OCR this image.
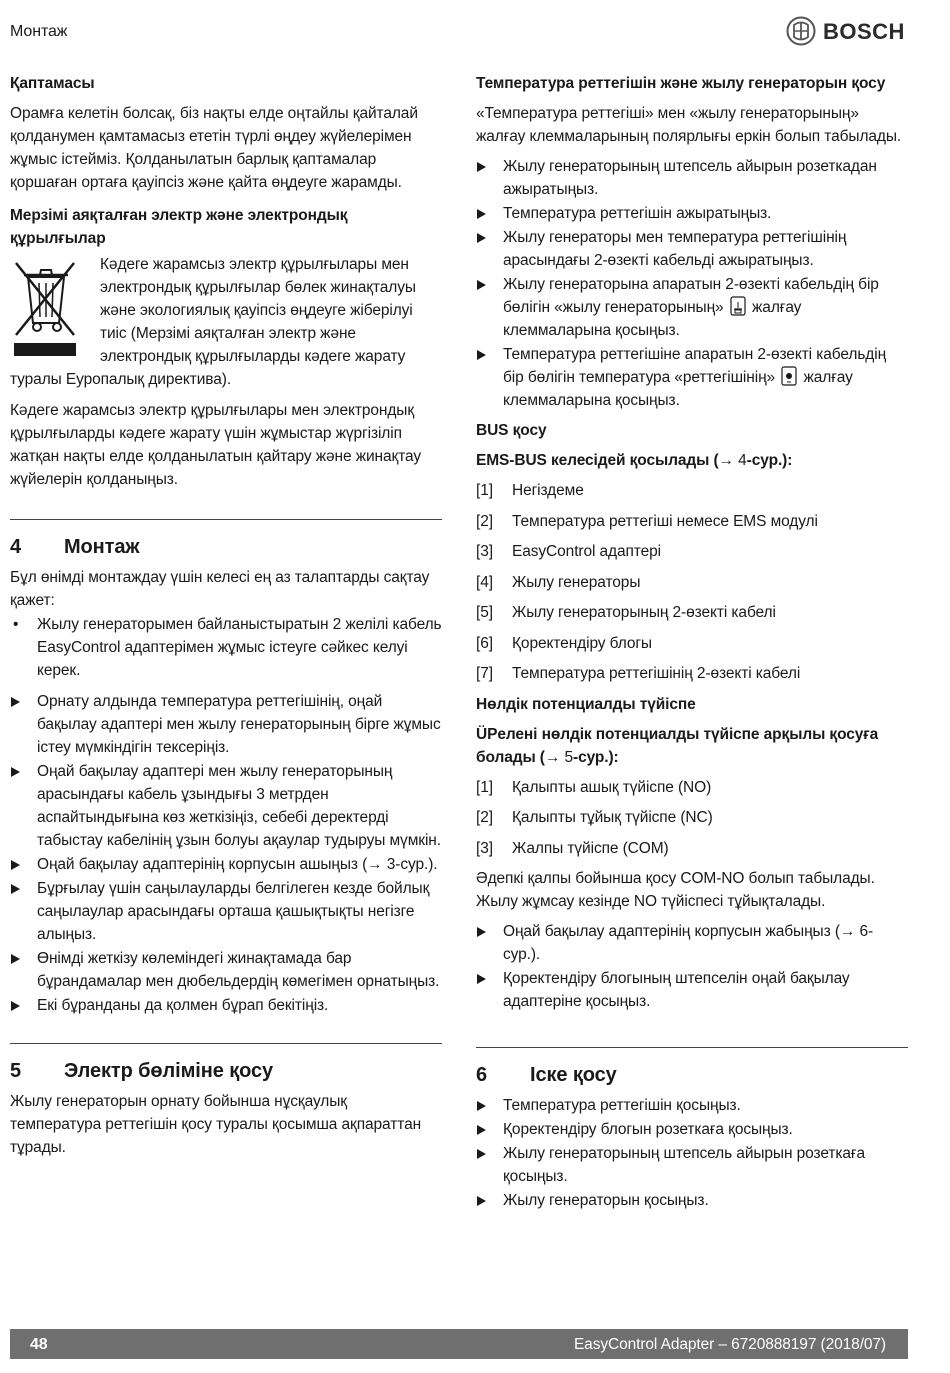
Монтаж	BOSCH
Қаптамасы

Орамға келетін болсақ, біз нақты елде оңтайлы қайталай қолданумен қамтамасыз ететін түрлі өңдеу жүйелерімен жұмыс істейміз. Қолданылатын барлық қаптамалар қоршаған ортаға қауіпсіз және қайта өңдеуге жарамды.

Мерзімі аяқталған электр және электрондық құрылғылар

Кәдеге жарамсыз электр құрылғылары мен электрондық құрылғылар бөлек жинақталуы және экологиялық қауіпсіз өңдеуге жіберілуі тиіс (Мерзімі аяқталған электр және электрондық құрылғыларды кәдеге жарату туралы Еуропалық директива).

Кәдеге жарамсыз электр құрылғылары мен электрондық құрылғыларды кәдеге жарату үшін жұмыстар жүргізіліп жатқан нақты елде қолданылатын қайтару және жинақтау жүйелерін қолданыңыз.

4	Монтаж

Бұл өнімді монтаждау үшін келесі ең аз талаптарды сақтау қажет:

• Жылу генераторымен байланыстыратын 2 желілі кабель EasyControl адаптерімен жұмыс істеуге сәйкес келуі керек.
Орнату алдында температура реттегішінің, оңай бақылау адаптері мен жылу генераторының бірге жұмыс істеу мүмкіндігін тексеріңіз.
Оңай бақылау адаптері мен жылу генераторының арасындағы кабель ұзындығы 3 метрден аспайтындығына көз жеткізіңіз, себебі деректерді табыстау кабелінің ұзын болуы ақаулар тудыруы мүмкін.
Оңай бақылау адаптерінің корпусын ашыңыз (→ 3-сур.).
Бұрғылау үшін саңылауларды белгілеген кезде бойлық саңылаулар арасындағы орташа қашықтықты негізге алыңыз.
Өнімді жеткізу көлеміндегі жинақтамада бар бұрандамалар мен дюбельдердің көмегімен орнатыңыз.
Екі бұранданы да қолмен бұрап бекітіңіз.
5	Электр бөліміне қосу

Жылу генераторын орнату бойынша нұсқаулық температура реттегішін қосу туралы қосымша ақпараттан тұрады.

Температура реттегішін және жылу генераторын қосу

«Температура реттегіші» мен «жылу генераторының» жалғау клеммаларының полярлығы еркін болып табылады.

Жылу генераторының штепсель айырын розеткадан ажыратыңыз.
Температура реттегішін ажыратыңыз.
Жылу генераторы мен температура реттегішінің арасындағы 2-өзекті кабельді ажыратыңыз.
Жылу генераторына апаратын 2-өзекті кабельдің бір бөлігін «жылу генераторының» жалғау клеммаларына қосыңыз.
Температура реттегішіне апаратын 2-өзекті кабельдің бір бөлігін температура «реттегішінің» жалғау клеммаларына қосыңыз.
BUS қосу
EMS-BUS келесідей қосылады (→ 4-сур.):
[1]	Негіздеме
[2]	Температура реттегіші немесе EMS модулі
[3]	EasyControl адаптері
[4]	Жылу генераторы
[5]	Жылу генераторының 2-өзекті кабелі
[6]	Қоректендіру блогы
[7]	Температура реттегішінің 2-өзекті кабелі
Нөлдік потенциалды түйіспе
ÜPелені нөлдік потенциалды түйіспе арқылы қосуға болады (→ 5-сур.):
[1]	Қалыпты ашық түйіспе (NO)
[2]	Қалыпты тұйық түйіспе (NC)
[3]	Жалпы түйіспе (COM)

Әдепкі қалпы бойынша қосу COM-NO болып табылады. Жылу жұмсау кезінде NO түйіспесі тұйықталады.

Оңай бақылау адаптерінің корпусын жабыңыз (→ 6-сур.).
Қоректендіру блогының штепселін оңай бақылау адаптеріне қосыңыз.
6	Іске қосу
Температура реттегішін қосыңыз.
Қоректендіру блогын розеткаға қосыңыз.
Жылу генераторының штепсель айырын розеткаға қосыңыз.
Жылу генераторын қосыңыз.
48	EasyControl Adapter – 6720888197 (2018/07)
